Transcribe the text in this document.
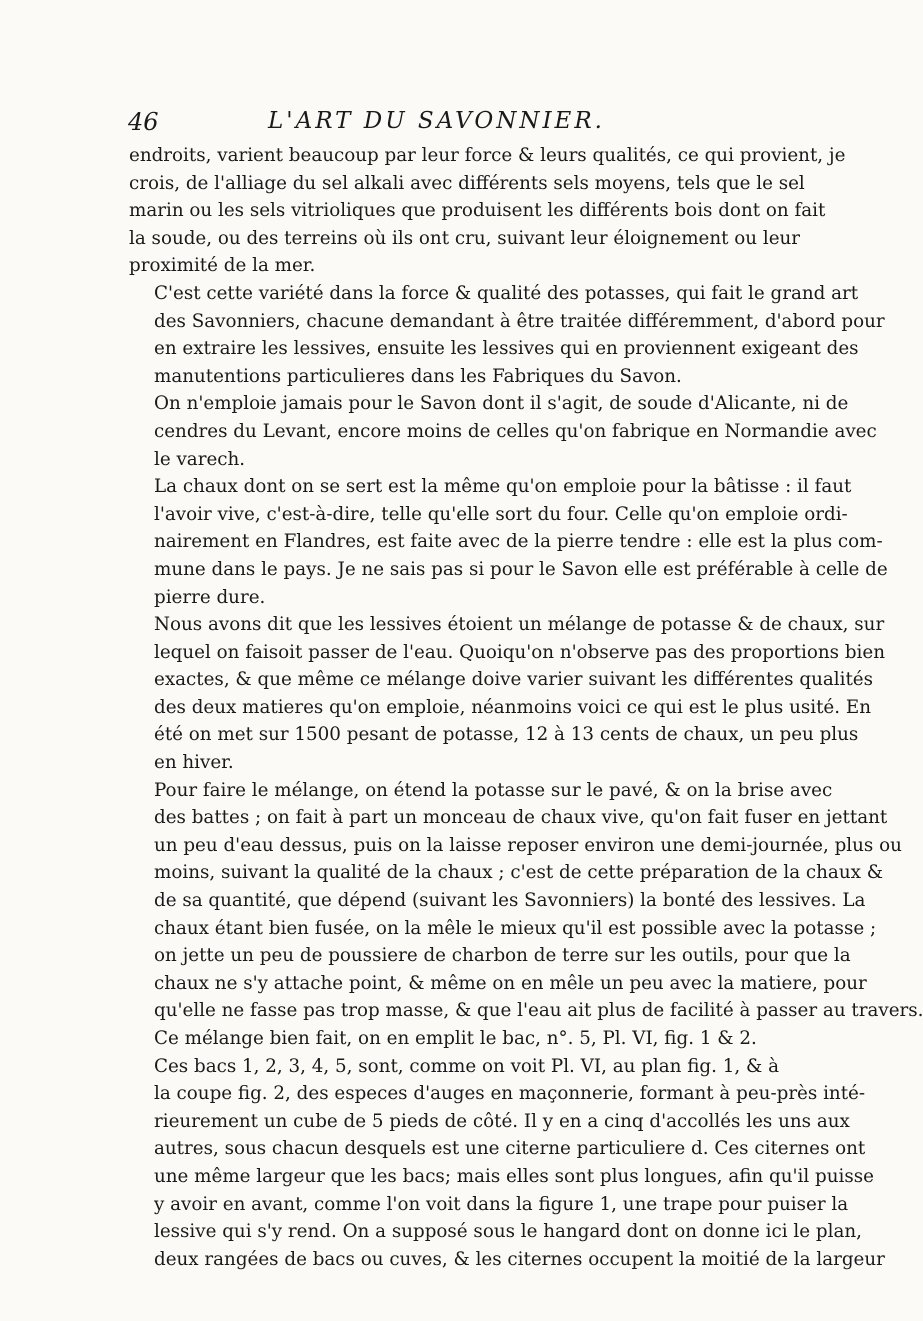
46	L'ART DU SAVONNIER.
endroits, varient beaucoup par leur force & leurs qualités, ce qui provient, je
crois, de l'alliage du sel alkali avec différents sels moyens, tels que le sel
marin ou les sels vitrioliques que produisent les différents bois dont on fait
la soude, ou des terreins où ils ont cru, suivant leur éloignement ou leur
proximité de la mer.
C'est cette variété dans la force & qualité des potasses, qui fait le grand art
des Savonniers, chacune demandant à être traitée différemment, d'abord pour
en extraire les lessives, ensuite les lessives qui en proviennent exigeant des
manutentions particulieres dans les Fabriques du Savon.
On n'emploie jamais pour le Savon dont il s'agit, de soude d'Alicante, ni de
cendres du Levant, encore moins de celles qu'on fabrique en Normandie avec
le varech.
La chaux dont on se sert est la même qu'on emploie pour la bâtisse : il faut
l'avoir vive, c'est-à-dire, telle qu'elle sort du four. Celle qu'on emploie ordi-
nairement en Flandres, est faite avec de la pierre tendre : elle est la plus com-
mune dans le pays. Je ne sais pas si pour le Savon elle est préférable à celle de
pierre dure.
Nous avons dit que les lessives étoient un mélange de potasse & de chaux, sur
lequel on faisoit passer de l'eau. Quoiqu'on n'observe pas des proportions bien
exactes, & que même ce mélange doive varier suivant les différentes qualités
des deux matieres qu'on emploie, néanmoins voici ce qui est le plus usité. En
été on met sur 1500 pesant de potasse, 12 à 13 cents de chaux, un peu plus
en hiver.
Pour faire le mélange, on étend la potasse sur le pavé, & on la brise avec
des battes ; on fait à part un monceau de chaux vive, qu'on fait fuser en jettant
un peu d'eau dessus, puis on la laisse reposer environ une demi-journée, plus ou
moins, suivant la qualité de la chaux ; c'est de cette préparation de la chaux &
de sa quantité, que dépend (suivant les Savonniers) la bonté des lessives. La
chaux étant bien fusée, on la mêle le mieux qu'il est possible avec la potasse ;
on jette un peu de poussiere de charbon de terre sur les outils, pour que la
chaux ne s'y attache point, & même on en mêle un peu avec la matiere, pour
qu'elle ne fasse pas trop masse, & que l'eau ait plus de facilité à passer au travers.
Ce mélange bien fait, on en emplit le bac, n°. 5, Pl. VI, fig. 1 & 2.
Ces bacs 1, 2, 3, 4, 5, sont, comme on voit Pl. VI, au plan fig. 1, & à
la coupe fig. 2, des especes d'auges en maçonnerie, formant à peu-près inté-
rieurement un cube de 5 pieds de côté. Il y en a cinq d'accollés les uns aux
autres, sous chacun desquels est une citerne particuliere d. Ces citernes ont
une même largeur que les bacs; mais elles sont plus longues, afin qu'il puisse
y avoir en avant, comme l'on voit dans la figure 1, une trape pour puiser la
lessive qui s'y rend. On a supposé sous le hangard dont on donne ici le plan,
deux rangées de bacs ou cuves, & les citernes occupent la moitié de la largeur
